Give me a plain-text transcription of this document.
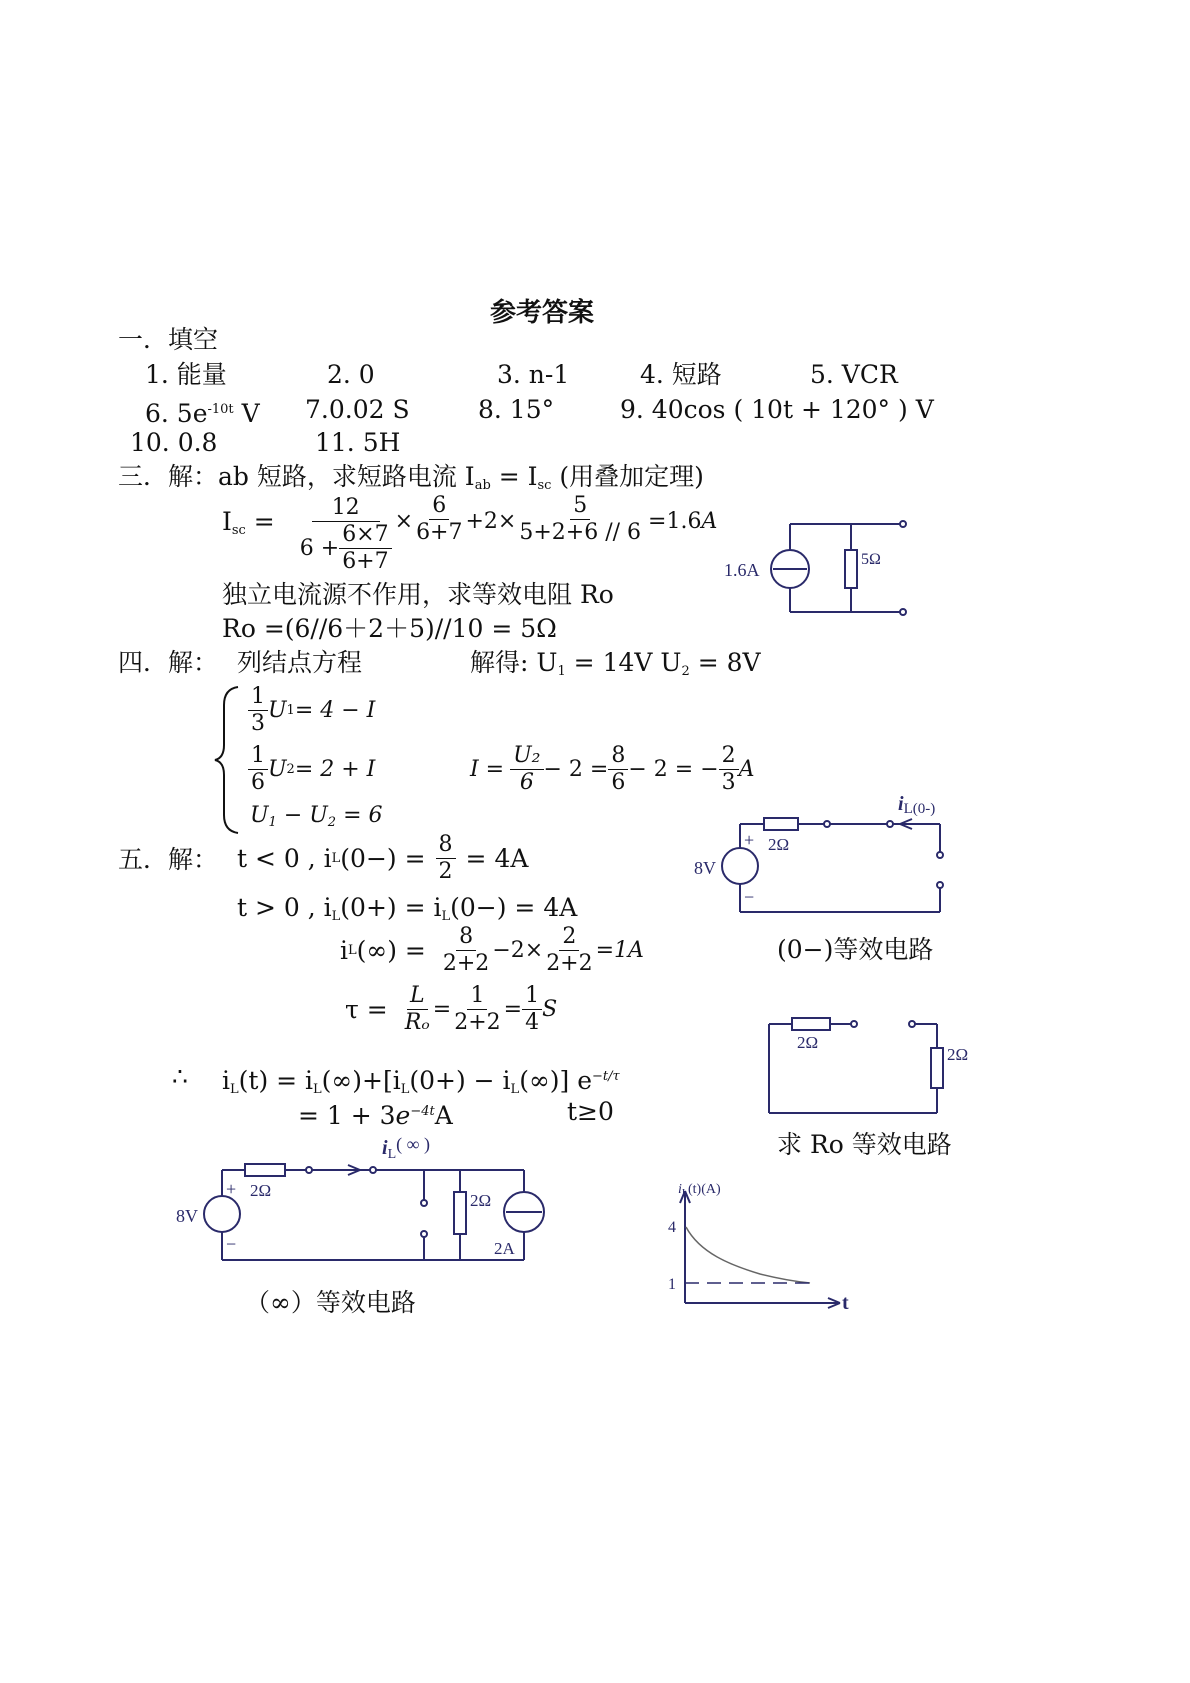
参考答案
一．填空
1. 能量	2. 0	3. n-1	4. 短路	5. VCR
6. $5e^{-10t}$ V 7.0.02 S	8. 15°	9. 40cos ( 10t + 120° ) V
10. 0.8	11. 5H
三．解：ab 短路，求短路电流 $I_{ab} = I_{sc}$ (用叠加定理)
$I_{sc} = \frac{12}{6 + \frac{6\times 7}{6+7}} \times \frac{6}{6+7} +2\times \frac{5}{5+2+6 // 6} =1.6A$
独立电流源不作用，求等效电阻 Ro
Ro =(6//6＋2＋5)//10 = 5Ω
1.6A
5Ω
四．解： 列结点方程	解得: $U_1 = 14V$ $U_2 = 8V$
$\frac{1}{3}$ U 1 = 4 − I
$\frac{1}{6}$ U 2 = 2 + I
$U_1 - U_2 = 6$
$I = \frac{\text{U₂}}{6} - 2 = \frac{8}{6} - 2$ = − $\frac{2}{3}$ A
五．解： t < 0 , i L $(0-) = \frac{8}{2} = 4A$
t > 0 , $i_L(0+) = i_L(0-) = 4A$
i L (∞) = $\frac{8}{2+2} -2\times \frac{2}{2+2} =1A$
$\tau = \frac{L}{\text{Rₒ}} = \frac{1}{2+2} = \frac{1}{4}$ S
∴ $i_L(t) = i_L(\infty)+[i_L(0+) - i_L(\infty)]$ $e^{-t/\tau}$
= $1 + 3e^{-4t}A$	t≥0
8V
+
−
2Ω
iL(0-)
(0−)等效电路
2Ω
2Ω
求 Ro 等效电路
8V
+
−
2Ω
2Ω
2A
$i_L$( ∞ )
（∞）等效电路
$i_L(t)(A)$
4
1
t
